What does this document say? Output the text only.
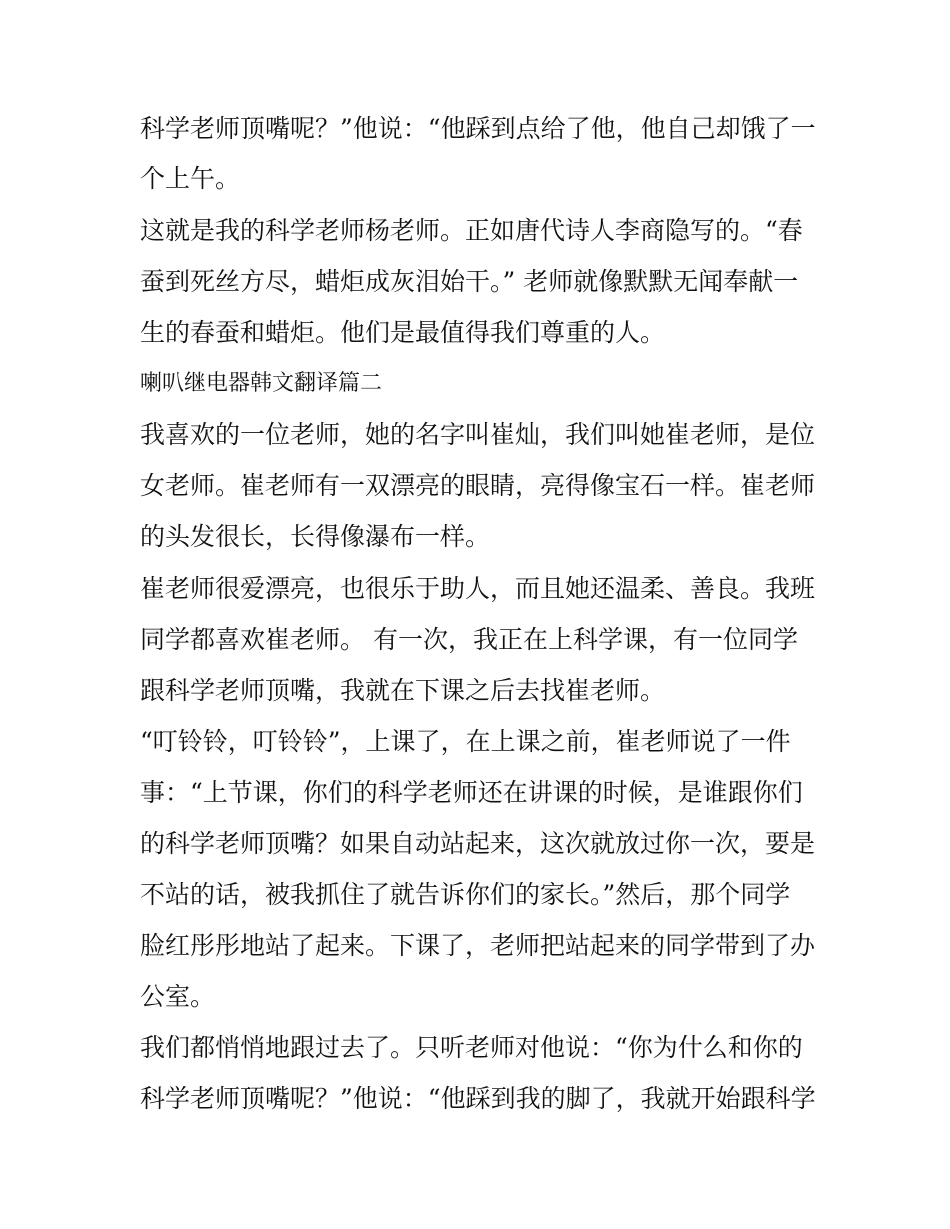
科学老师顶嘴呢？”他说：“他踩到点给了他，他自己却饿了一
个上午。
这就是我的科学老师杨老师。正如唐代诗人李商隐写的。“春
蚕到死丝方尽，蜡炬成灰泪始干。” 老师就像默默无闻奉献一
生的春蚕和蜡炬。他们是最值得我们尊重的人。
喇叭继电器韩文翻译篇二
我喜欢的一位老师，她的名字叫崔灿，我们叫她崔老师，是位
女老师。崔老师有一双漂亮的眼睛，亮得像宝石一样。崔老师
的头发很长，长得像瀑布一样。
崔老师很爱漂亮，也很乐于助人，而且她还温柔、善良。我班
同学都喜欢崔老师。 有一次，我正在上科学课，有一位同学
跟科学老师顶嘴，我就在下课之后去找崔老师。
“叮铃铃，叮铃铃”，上课了，在上课之前，崔老师说了一件
事：“上节课，你们的科学老师还在讲课的时候，是谁跟你们
的科学老师顶嘴？如果自动站起来，这次就放过你一次，要是
不站的话，被我抓住了就告诉你们的家长。”然后，那个同学
脸红彤彤地站了起来。下课了，老师把站起来的同学带到了办
公室。
我们都悄悄地跟过去了。只听老师对他说：“你为什么和你的
科学老师顶嘴呢？”他说：“他踩到我的脚了，我就开始跟科学
